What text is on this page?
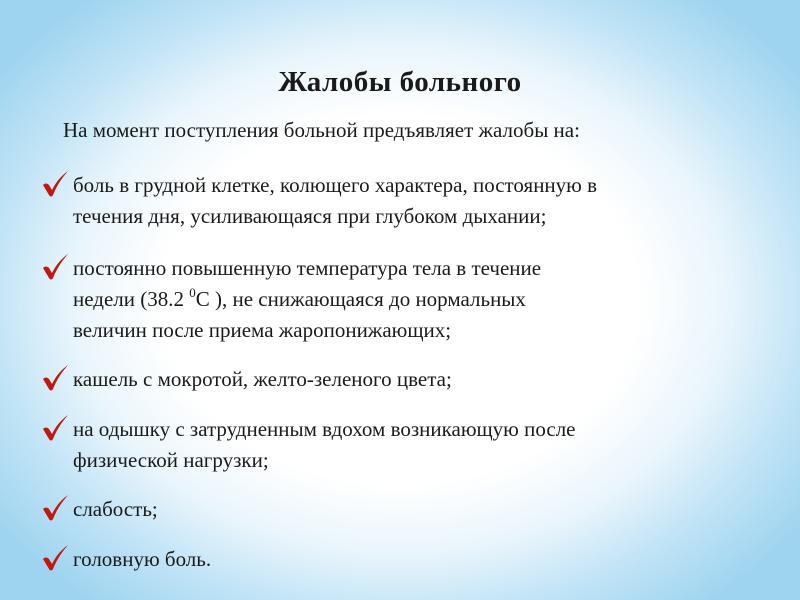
Жалобы больного
На момент поступления больной предъявляет жалобы на:
боль в грудной клетке, колющего характера, постоянную в
течения дня, усиливающаяся при глубоком дыхании;
постоянно повышенную температура тела в течение
недели (38.2 $^0$С ), не снижающаяся до нормальных
величин после приема жаропонижающих;
кашель с мокротой, желто-зеленого цвета;
на одышку с затрудненным вдохом возникающую после
физической нагрузки;
слабость;
головную боль.
